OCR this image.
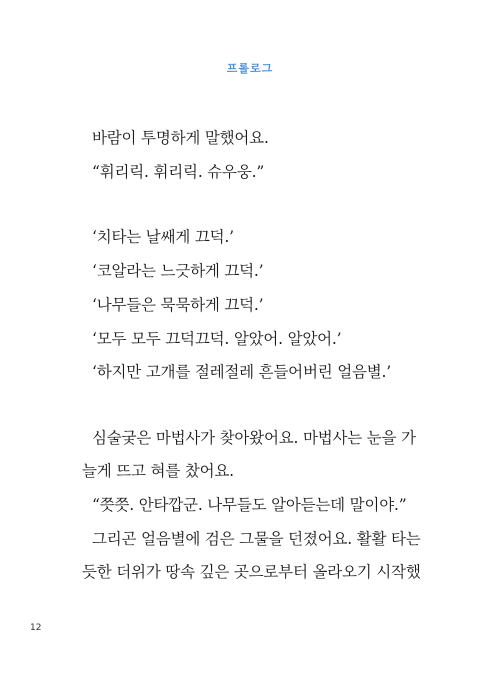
프롤로그
바람이 투명하게 말했어요.
“휘리릭. 휘리릭. 슈우웅.”
‘치타는 날쌔게 끄덕.’
‘코알라는 느긋하게 끄덕.’
‘나무들은 묵묵하게 끄덕.’
‘모두 모두 끄덕끄덕. 알았어. 알았어.’
‘하지만 고개를 절레절레 흔들어버린 얼음별.’
심술궂은 마법사가 찾아왔어요. 마법사는 눈을 가
늘게 뜨고 혀를 찼어요.
“쯧쯧. 안타깝군. 나무들도 알아듣는데 말이야.”
그리곤 얼음별에 검은 그물을 던졌어요. 활활 타는
듯한 더위가 땅속 깊은 곳으로부터 올라오기 시작했
12
